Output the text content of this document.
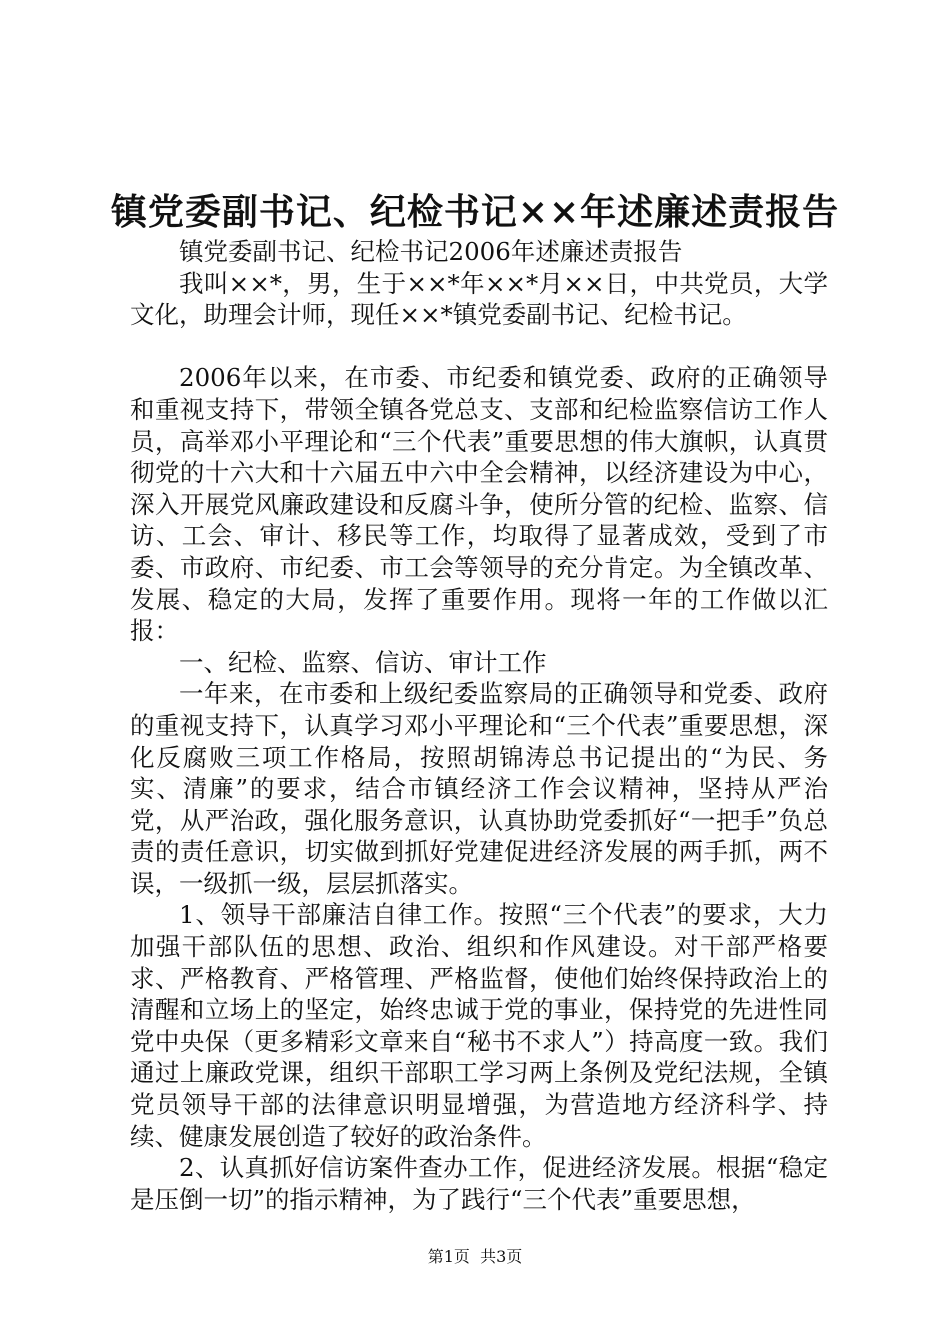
镇党委副书记、纪检书记××年述廉述责报告

镇党委副书记、纪检书记2006年述廉述责报告

我叫××*，男，生于××*年××*月××日，中共党员，大学文化，助理会计师，现任××*镇党委副书记、纪检书记。

2006年以来，在市委、市纪委和镇党委、政府的正确领导和重视支持下，带领全镇各党总支、支部和纪检监察信访工作人员，高举邓小平理论和“三个代表”重要思想的伟大旗帜，认真贯彻党的十六大和十六届五中六中全会精神，以经济建设为中心，深入开展党风廉政建设和反腐斗争，使所分管的纪检、监察、信访、工会、审计、移民等工作，均取得了显著成效，受到了市委、市政府、市纪委、市工会等领导的充分肯定。为全镇改革、发展、稳定的大局，发挥了重要作用。现将一年的工作做以汇报：

一、纪检、监察、信访、审计工作

一年来，在市委和上级纪委监察局的正确领导和党委、政府的重视支持下，认真学习邓小平理论和“三个代表”重要思想，深化反腐败三项工作格局，按照胡锦涛总书记提出的“为民、务实、清廉”的要求，结合市镇经济工作会议精神，坚持从严治党，从严治政，强化服务意识，认真协助党委抓好“一把手”负总责的责任意识，切实做到抓好党建促进经济发展的两手抓，两不误，一级抓一级，层层抓落实。

1、领导干部廉洁自律工作。按照“三个代表”的要求，大力加强干部队伍的思想、政治、组织和作风建设。对干部严格要求、严格教育、严格管理、严格监督，使他们始终保持政治上的清醒和立场上的坚定，始终忠诚于党的事业，保持党的先进性同党中央保（更多精彩文章来自“秘书不求人”）持高度一致。我们通过上廉政党课，组织干部职工学习两上条例及党纪法规，全镇党员领导干部的法律意识明显增强，为营造地方经济科学、持续、健康发展创造了较好的政治条件。

2、认真抓好信访案件查办工作，促进经济发展。根据“稳定是压倒一切”的指示精神，为了践行“三个代表”重要思想，

第1页  共3页
